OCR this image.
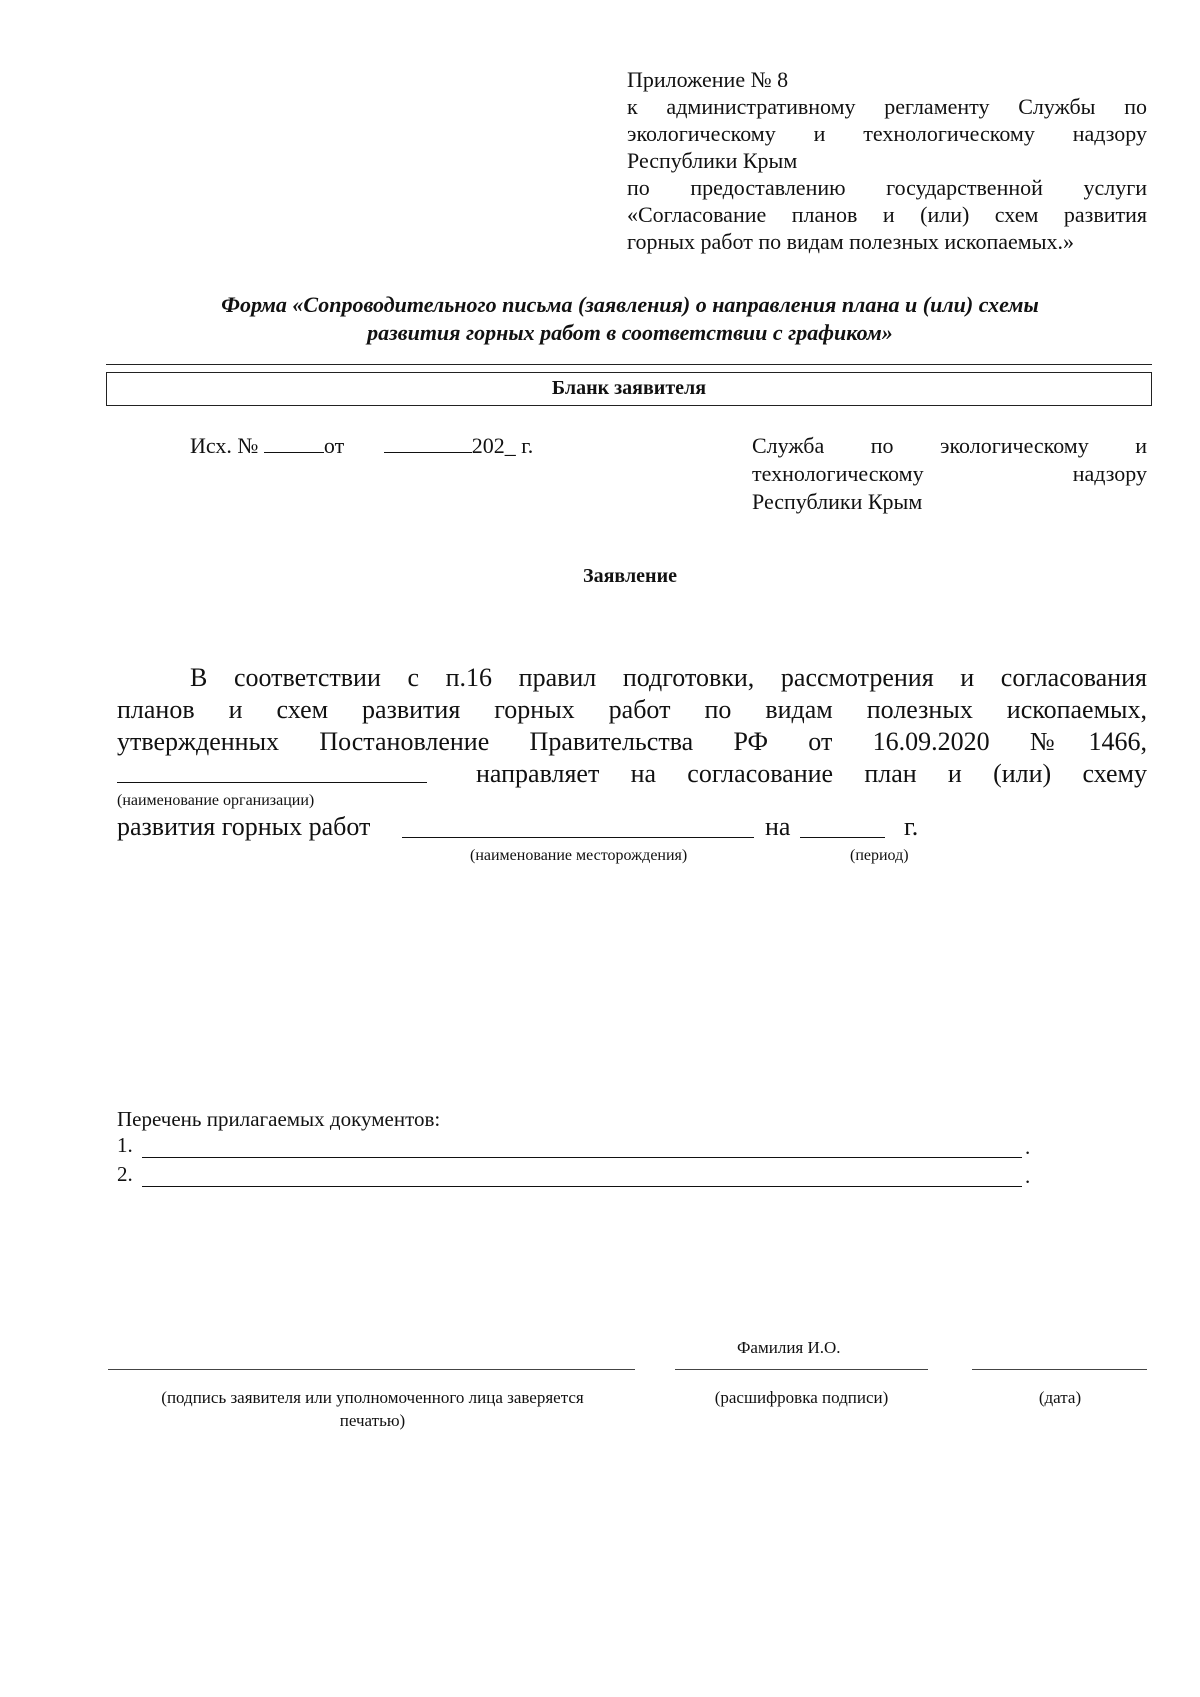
Приложение № 8
к административному регламенту Службы по
экологическому и технологическому надзору
Республики Крым
по предоставлению государственной услуги
«Согласование планов и (или) схем развития
горных работ по видам полезных ископаемых.»
Форма «Сопроводительного письма (заявления) о направления плана и (или) схемы
развития горных работ в соответствии с графиком»
Бланк заявителя
Исх. №	от	202_ г.	Служба по экологическому и
технологическому надзору
Республики Крым
Заявление
В соответствии с п.16 правил подготовки, рассмотрения и согласования
планов и схем развития горных работ по видам полезных ископаемых,
утвержденных Постановление Правительства РФ от 16.09.2020 №1466,
направляет на согласование план и (или) схему
(наименование организации)
развития горных работ	на	г.
(наименование месторождения)	(период)
Перечень прилагаемых документов:
1.	.
2.	.
Фамилия И.О.
(подпись заявителя или уполномоченного лица заверяется
печатью)
(расшифровка подписи)	(дата)
